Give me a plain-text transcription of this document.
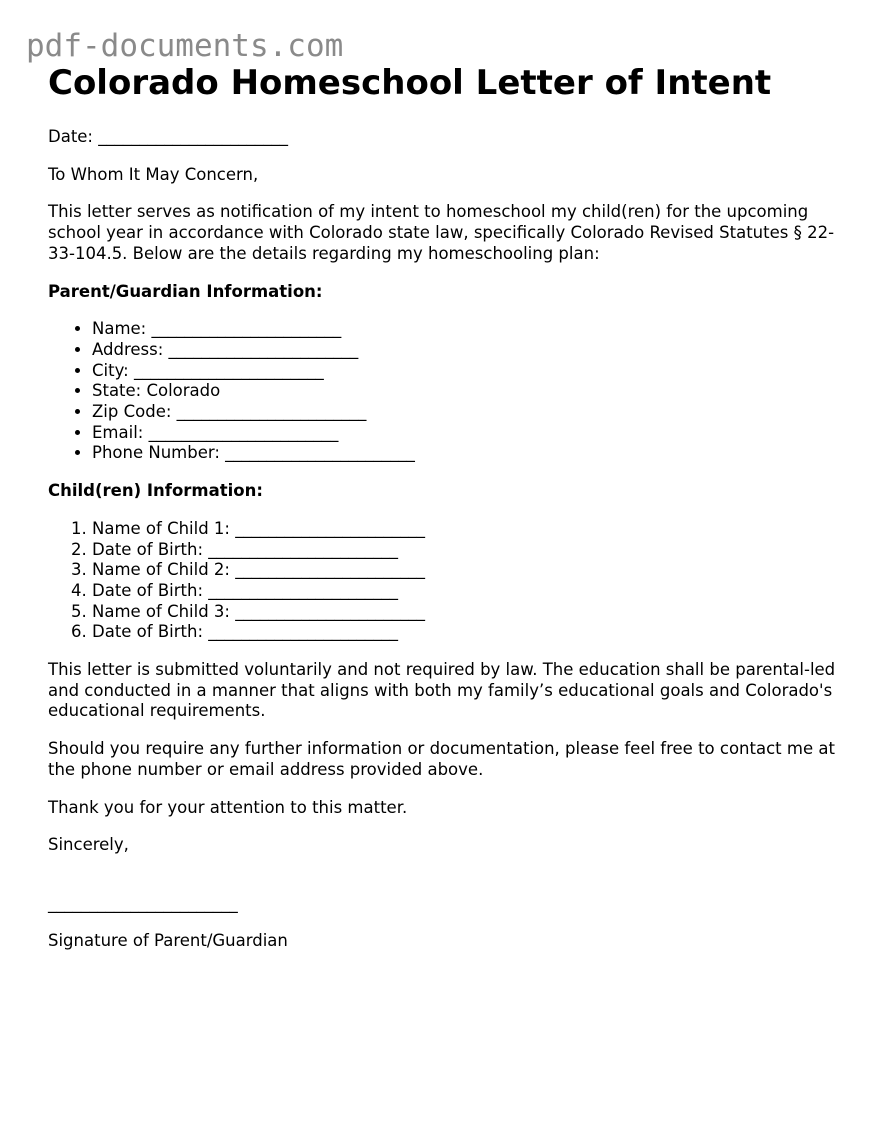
pdf-documents.com
Colorado Homeschool Letter of Intent

Date: _______________________

To Whom It May Concern,

This letter serves as notification of my intent to homeschool my child(ren) for the upcoming school year in accordance with Colorado state law, specifically Colorado Revised Statutes § 22-33-104.5. Below are the details regarding my homeschooling plan:

Parent/Guardian Information:

• Name: _______________________
• Address: _______________________
• City: _______________________
• State: Colorado
• Zip Code: _______________________
• Email: _______________________
• Phone Number: _______________________

Child(ren) Information:

1. Name of Child 1: _______________________
2. Date of Birth: _______________________
3. Name of Child 2: _______________________
4. Date of Birth: _______________________
5. Name of Child 3: _______________________
6. Date of Birth: _______________________

This letter is submitted voluntarily and not required by law. The education shall be parental-led and conducted in a manner that aligns with both my family’s educational goals and Colorado's educational requirements.

Should you require any further information or documentation, please feel free to contact me at the phone number or email address provided above.

Thank you for your attention to this matter.

Sincerely,

_______________________

Signature of Parent/Guardian
